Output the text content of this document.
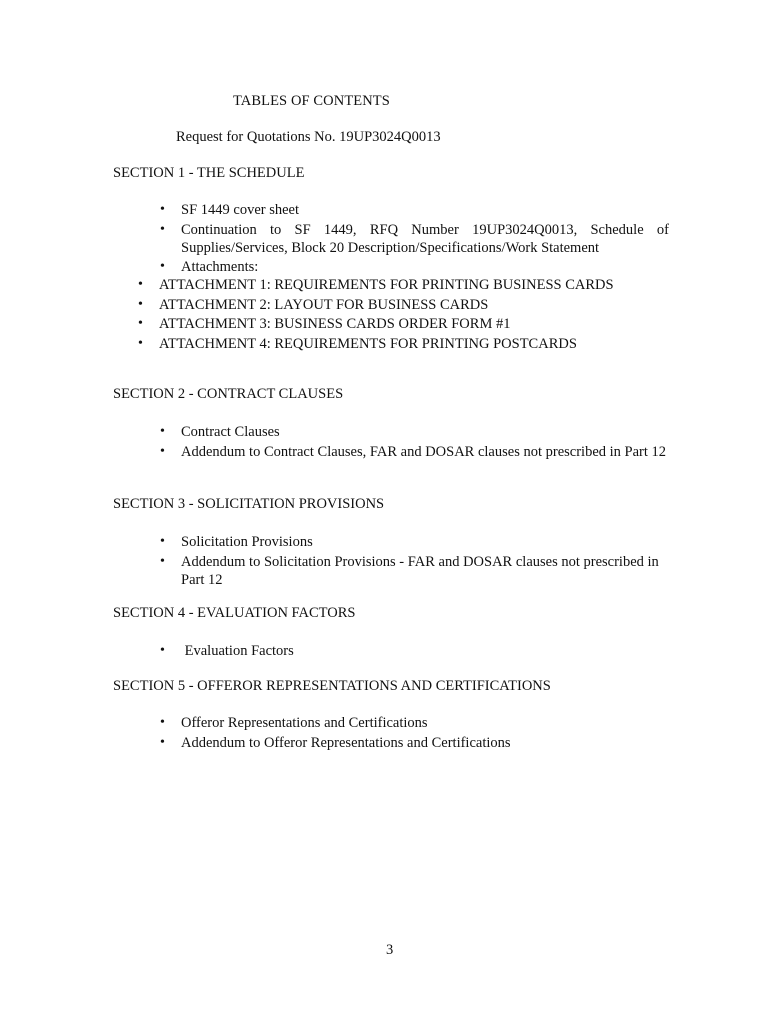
TABLES OF CONTENTS
Request for Quotations No. 19UP3024Q0013
SECTION 1 - THE SCHEDULE
• SF 1449 cover sheet
• Continuation to SF 1449, RFQ Number 19UP3024Q0013, Schedule of Supplies/Services, Block 20 Description/Specifications/Work Statement
• Attachments:
• ATTACHMENT 1: REQUIREMENTS FOR PRINTING BUSINESS CARDS
• ATTACHMENT 2: LAYOUT FOR BUSINESS CARDS
• ATTACHMENT 3: BUSINESS CARDS ORDER FORM #1
• ATTACHMENT 4: REQUIREMENTS FOR PRINTING POSTCARDS
SECTION 2 - CONTRACT CLAUSES
• Contract Clauses
• Addendum to Contract Clauses, FAR and DOSAR clauses not prescribed in Part 12
SECTION 3 - SOLICITATION PROVISIONS
• Solicitation Provisions
• Addendum to Solicitation Provisions - FAR and DOSAR clauses not prescribed in Part 12
SECTION 4 - EVALUATION FACTORS
•  Evaluation Factors
SECTION 5 - OFFEROR REPRESENTATIONS AND CERTIFICATIONS
• Offeror Representations and Certifications
• Addendum to Offeror Representations and Certifications
3
